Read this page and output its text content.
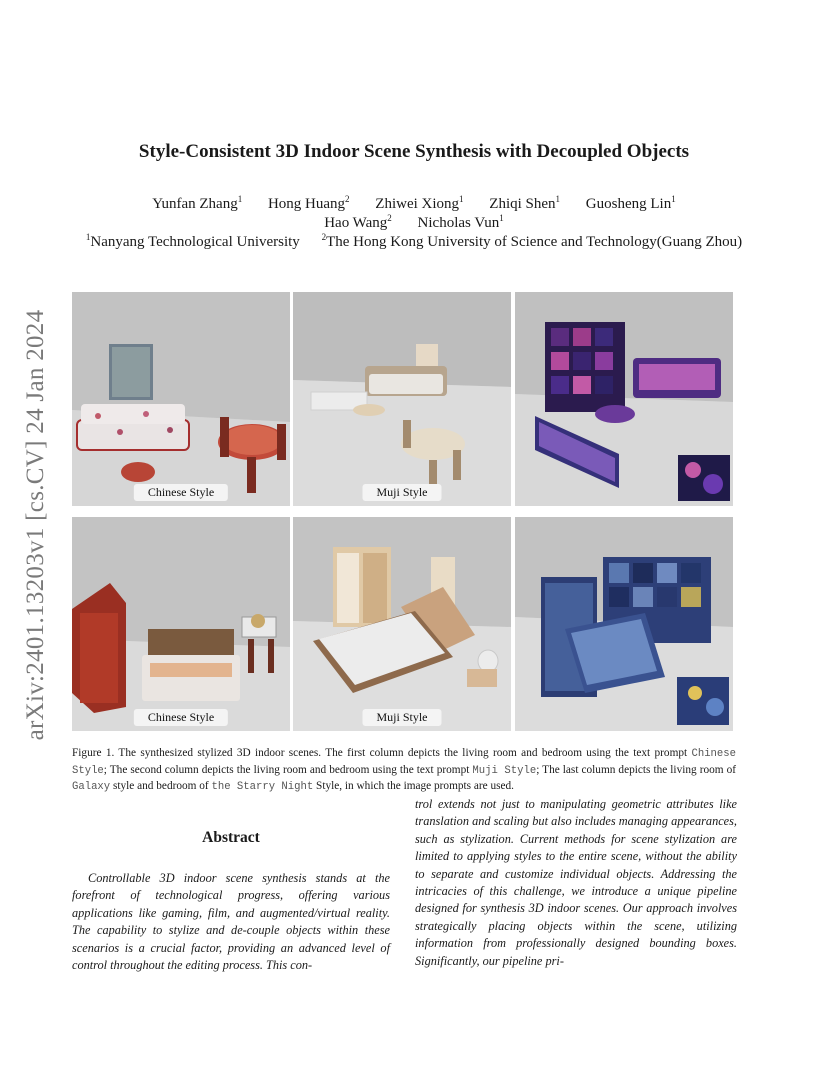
arXiv:2401.13203v1 [cs.CV] 24 Jan 2024
Style-Consistent 3D Indoor Scene Synthesis with Decoupled Objects
Yunfan Zhang$^1$ Hong Huang$^2$ Zhiwei Xiong$^1$ Zhiqi Shen$^1$ Guosheng Lin$^1$
Hao Wang$^2$ Nicholas Vun$^1$
$^1$Nanyang Technological University $^2$The Hong Kong University of Science and Technology(Guang Zhou)
Chinese Style	Muji Style
Chinese Style	Muji Style
Figure 1. The synthesized stylized 3D indoor scenes. The first column depicts the living room and bedroom using the text prompt Chinese Style; The second column depicts the living room and bedroom using the text prompt Muji Style; The last column depicts the living room of Galaxy style and bedroom of the Starry Night Style, in which the image prompts are used.
Abstract
Controllable 3D indoor scene synthesis stands at the forefront of technological progress, offering various applications like gaming, film, and augmented/virtual reality. The capability to stylize and de-couple objects within these scenarios is a crucial factor, providing an advanced level of control throughout the editing process. This con-
trol extends not just to manipulating geometric attributes like translation and scaling but also includes managing appearances, such as stylization. Current methods for scene stylization are limited to applying styles to the entire scene, without the ability to separate and customize individual objects. Addressing the intricacies of this challenge, we introduce a unique pipeline designed for synthesis 3D indoor scenes. Our approach involves strategically placing objects within the scene, utilizing information from professionally designed bounding boxes. Significantly, our pipeline pri-
